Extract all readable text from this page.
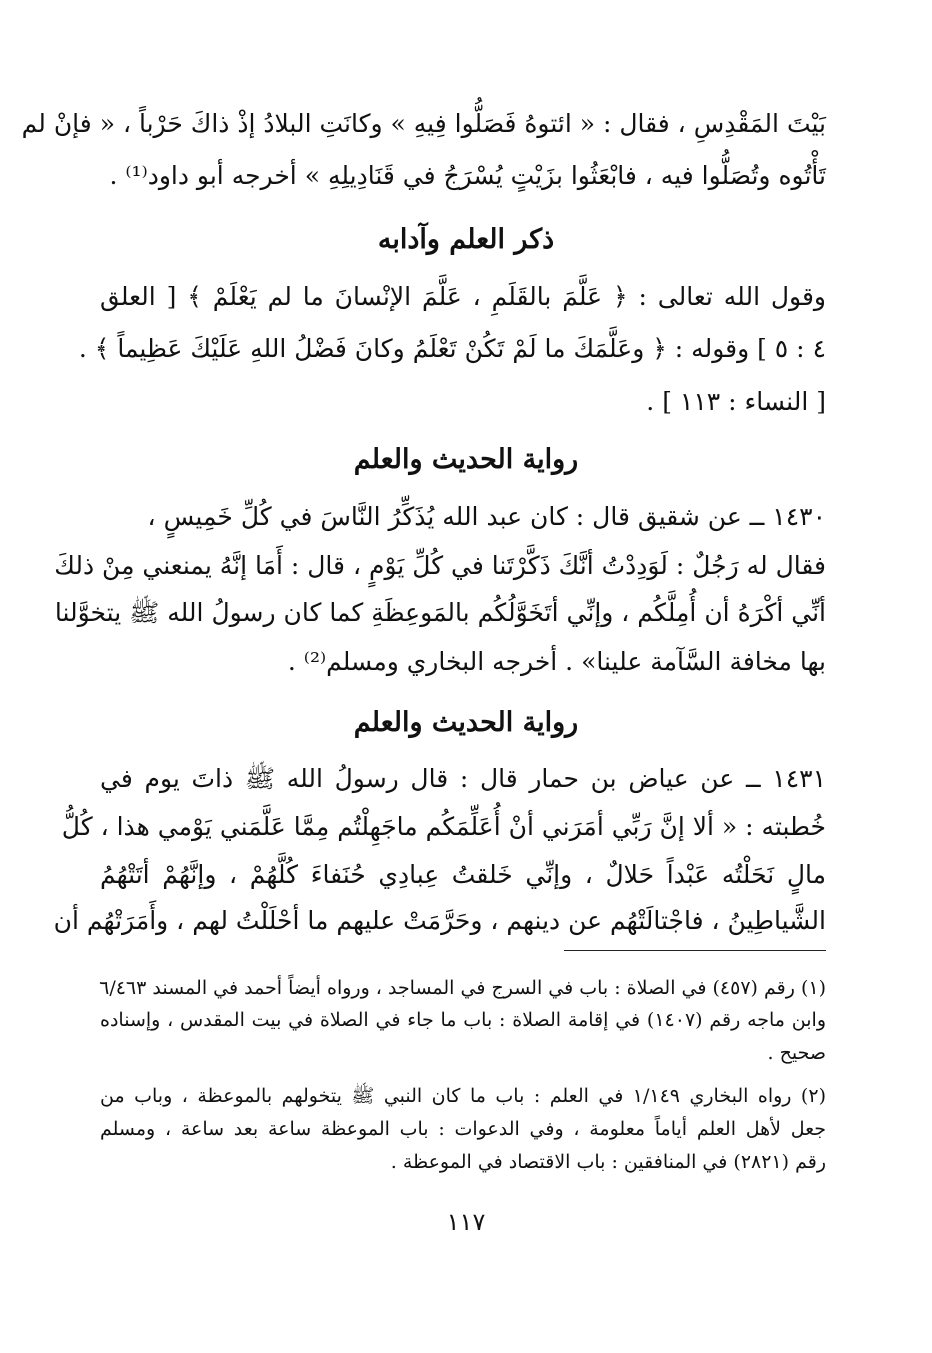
بَيْتَ المَقْدِسِ ، فقال : « ائتوهُ فَصَلُّوا فِيهِ » وكانَتِ البلادُ إذْ ذاكَ حَرْباً ، « فإنْ لم
تَأْتُوه وتُصَلُّوا فيه ، فابْعَثُوا بزَيْتٍ يُسْرَجُ في قَنَادِيلِهِ » أخرجه أبو داود⁽¹⁾ .
ذكر العلم وآدابه
وقول الله تعالى : ﴿ عَلَّمَ بالقَلَمِ ، عَلَّمَ الإنْسانَ ما لم يَعْلَمْ ﴾ [ العلق
٤ : ٥ ] وقوله : ﴿ وعَلَّمَكَ ما لَمْ تَكُنْ تَعْلَمُ وكانَ فَضْلُ اللهِ عَلَيْكَ عَظِيماً ﴾ .
[ النساء : ١١٣ ] .
رواية الحديث والعلم
١٤٣٠ ــ عن شقيق قال : كان عبد الله يُذَكِّرُ النَّاسَ في كُلِّ خَمِيسٍ ،
فقال له رَجُلٌ : لَوَدِدْتُ أنَّكَ ذَكَّرْتَنا في كُلِّ يَوْمٍ ، قال : أَمَا إنَّهُ يمنعني مِنْ ذلكَ
أنِّي أكْرَهُ أن أُمِلَّكُم ، وإنِّي أتَخَوَّلُكُم بالمَوعِظَةِ كما كان رسولُ الله ﷺ يتخوَّلنا
بها مخافة السَّآمة علينا» . أخرجه البخاري ومسلم⁽²⁾ .
رواية الحديث والعلم
١٤٣١ ــ عن عياض بن حمار قال : قال رسولُ الله ﷺ ذاتَ يوم في
خُطبته : « ألا إنَّ رَبِّي أمَرَني أنْ أُعَلِّمَكُم ماجَهِلْتُم مِمَّا عَلَّمَني يَوْمي هذا ، كُلُّ
مالٍ نَحَلْتُه عَبْداً حَلالٌ ، وإنِّي خَلقتُ عِبادِي حُنَفاءَ كُلَّهُمْ ، وإنَّهُمْ أتَتْهُمُ
الشَّياطِينُ ، فاجْتالَتْهُم عن دينهم ، وحَرَّمَتْ عليهم ما أحْلَلْتُ لهم ، وأَمَرَتْهُم أن
(١) رقم (٤٥٧) في الصلاة : باب في السرج في المساجد ، ورواه أيضاً أحمد في المسند ٦/٤٦٣
وابن ماجه رقم (١٤٠٧) في إقامة الصلاة : باب ما جاء في الصلاة في بيت المقدس ، وإسناده
صحيح .
(٢) رواه البخاري ١/١٤٩ في العلم : باب ما كان النبي ﷺ يتخولهم بالموعظة ، وباب من
جعل لأهل العلم أياماً معلومة ، وفي الدعوات : باب الموعظة ساعة بعد ساعة ، ومسلم
رقم (٢٨٢١) في المنافقين : باب الاقتصاد في الموعظة .
١١٧
